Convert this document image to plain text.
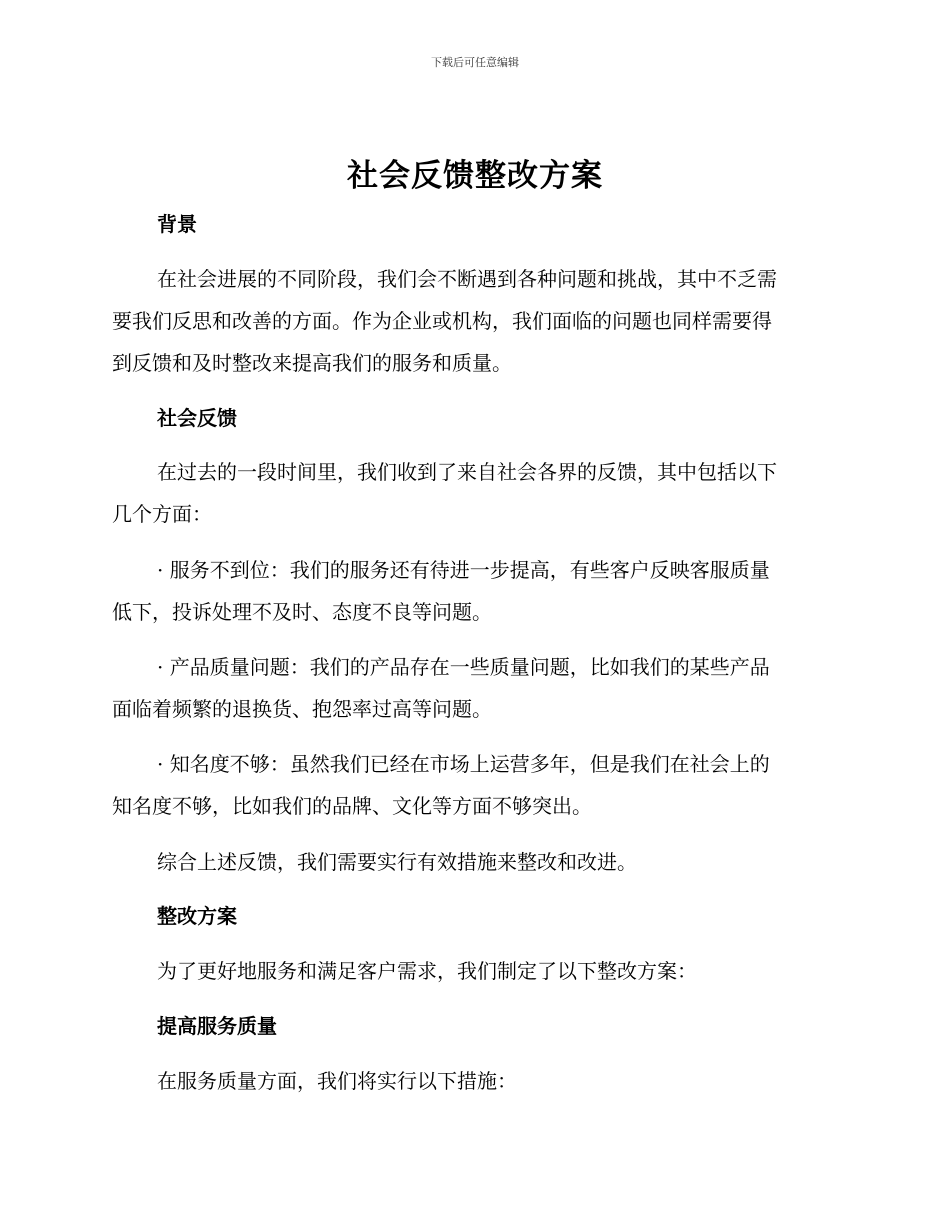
下载后可任意编辑
社会反馈整改方案
背景

在社会进展的不同阶段，我们会不断遇到各种问题和挑战，其中不乏需

要我们反思和改善的方面。作为企业或机构，我们面临的问题也同样需要得

到反馈和及时整改来提高我们的服务和质量。

社会反馈

在过去的一段时间里，我们收到了来自社会各界的反馈，其中包括以下

几个方面：

· 服务不到位：我们的服务还有待进一步提高，有些客户反映客服质量

低下，投诉处理不及时、态度不良等问题。

· 产品质量问题：我们的产品存在一些质量问题，比如我们的某些产品

面临着频繁的退换货、抱怨率过高等问题。

· 知名度不够：虽然我们已经在市场上运营多年，但是我们在社会上的

知名度不够，比如我们的品牌、文化等方面不够突出。

综合上述反馈，我们需要实行有效措施来整改和改进。

整改方案

为了更好地服务和满足客户需求，我们制定了以下整改方案：

提高服务质量

在服务质量方面，我们将实行以下措施：
